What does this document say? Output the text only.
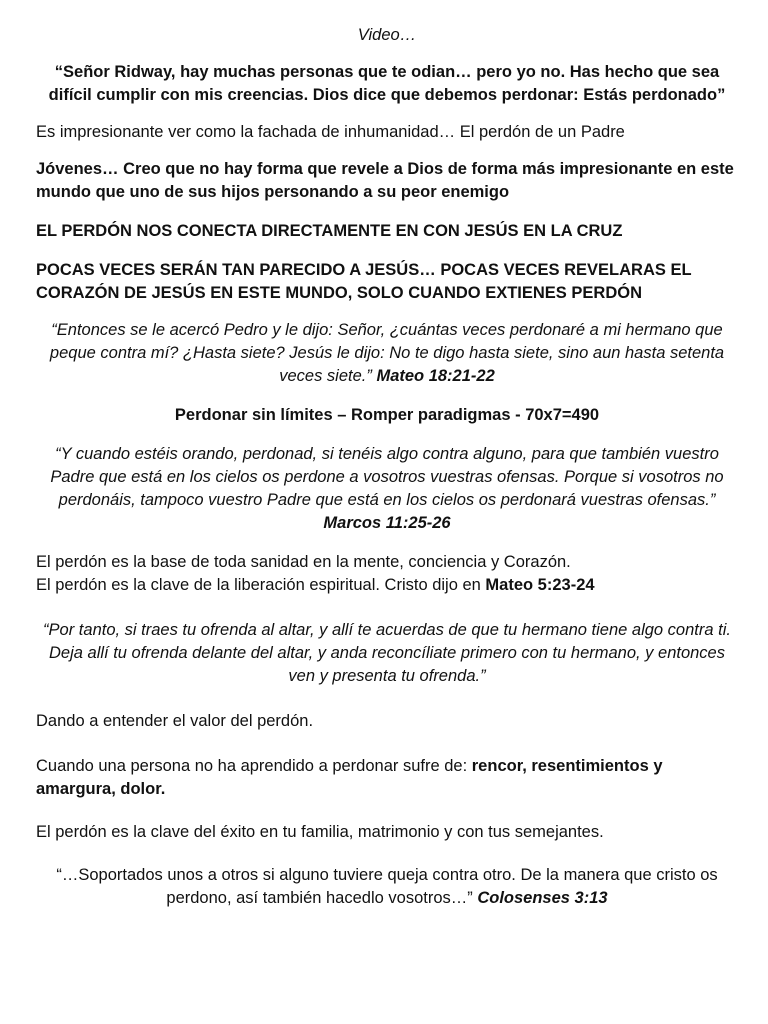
Video…

“Señor Ridway, hay muchas personas que te odian… pero yo no. Has hecho que sea difícil cumplir con mis creencias. Dios dice que debemos perdonar: Estás perdonado”

Es impresionante ver como la fachada de inhumanidad… El perdón de un Padre

Jóvenes… Creo que no hay forma que revele a Dios de forma más impresionante en este mundo que uno de sus hijos personando a su peor enemigo

EL PERDÓN NOS CONECTA DIRECTAMENTE EN CON JESÚS EN LA CRUZ

POCAS VECES SERÁN TAN PARECIDO A JESÚS… POCAS VECES REVELARAS EL CORAZÓN DE JESÚS EN ESTE MUNDO, SOLO CUANDO EXTIENES PERDÓN

“Entonces se le acercó Pedro y le dijo: Señor, ¿cuántas veces perdonaré a mi hermano que peque contra mí? ¿Hasta siete? Jesús le dijo: No te digo hasta siete, sino aun hasta setenta veces siete.” Mateo 18:21-22

Perdonar sin límites – Romper paradigmas - 70x7=490

“Y cuando estéis orando, perdonad, si tenéis algo contra alguno, para que también vuestro Padre que está en los cielos os perdone a vosotros vuestras ofensas. Porque si vosotros no perdonáis, tampoco vuestro Padre que está en los cielos os perdonará vuestras ofensas.” Marcos 11:25-26

El perdón es la base de toda sanidad en la mente, conciencia y Corazón.

El perdón es la clave de la liberación espiritual. Cristo dijo en Mateo 5:23-24

“Por tanto, si traes tu ofrenda al altar, y allí te acuerdas de que tu hermano tiene algo contra ti. Deja allí tu ofrenda delante del altar, y anda reconcíliate primero con tu hermano, y entonces ven y presenta tu ofrenda.”

Dando a entender el valor del perdón.

Cuando una persona no ha aprendido a perdonar sufre de: rencor, resentimientos y amargura, dolor.

El perdón es la clave del éxito en tu familia, matrimonio y con tus semejantes.

“…Soportados unos a otros si alguno tuviere queja contra otro. De la manera que cristo os perdono, así también hacedlo vosotros…” Colosenses 3:13
